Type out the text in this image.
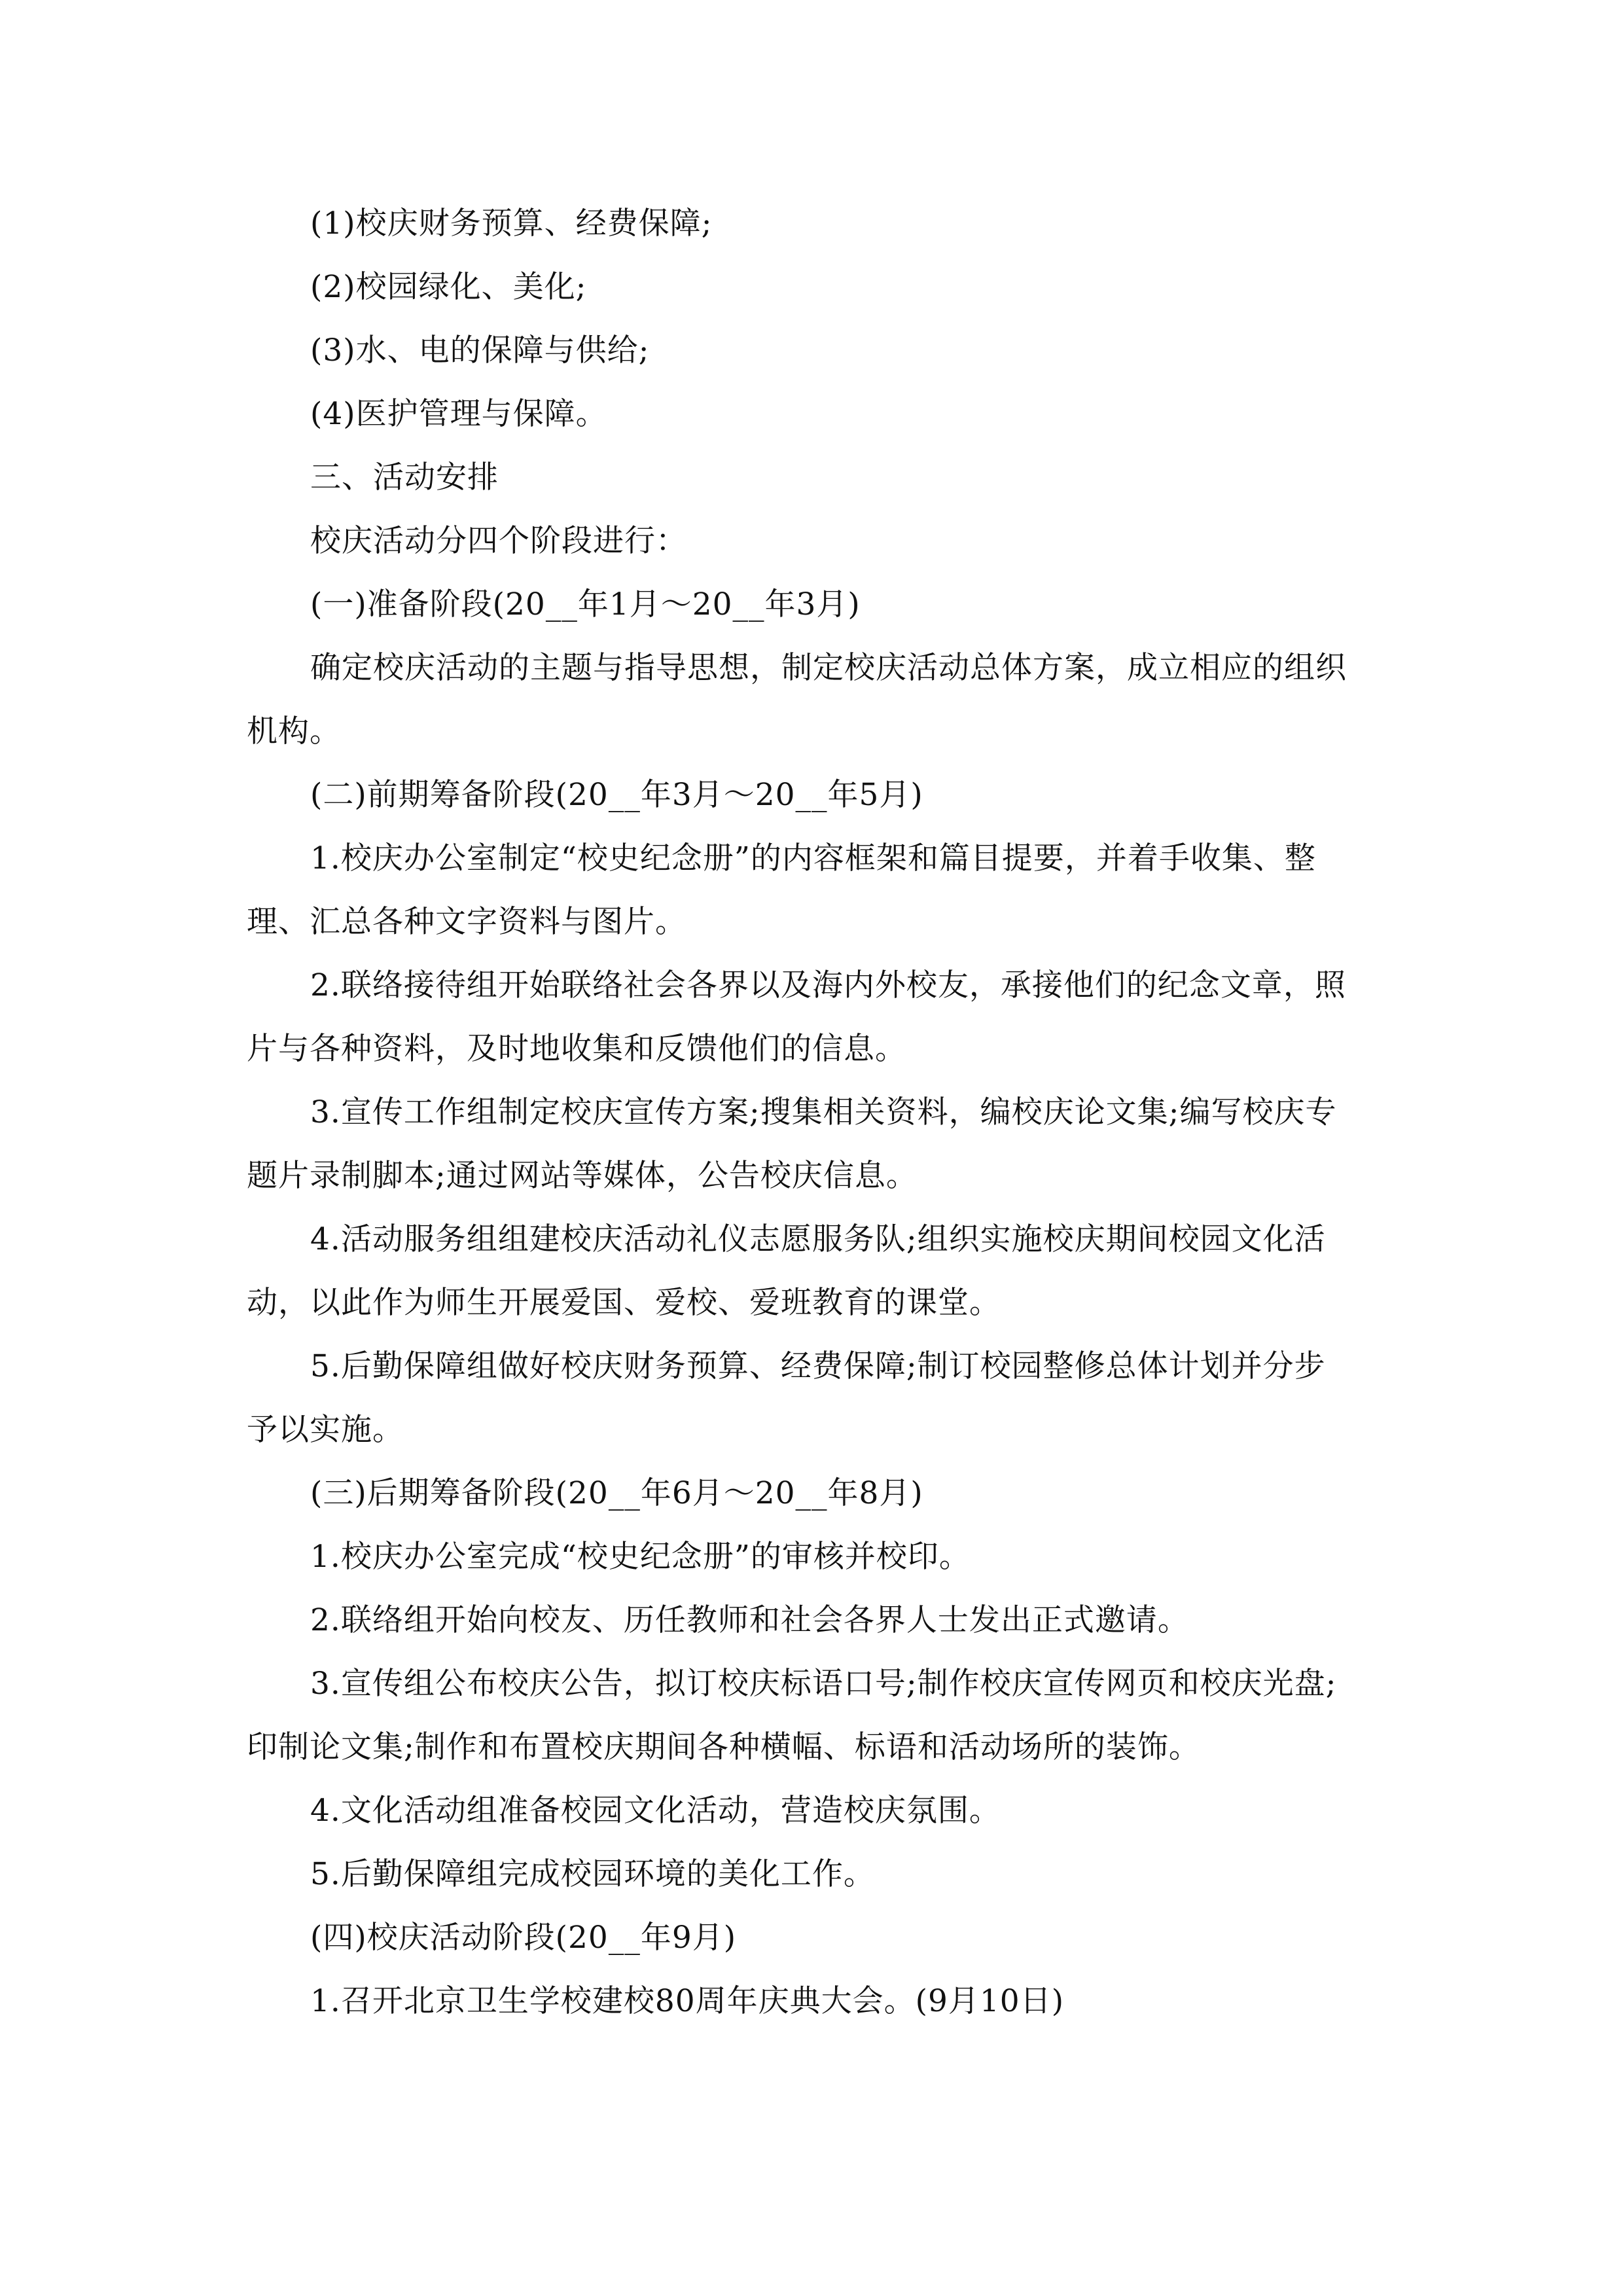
(1)校庆财务预算、经费保障;
(2)校园绿化、美化;
(3)水、电的保障与供给;
(4)医护管理与保障。
三、活动安排
校庆活动分四个阶段进行：
(一)准备阶段(20__年1月～20__年3月)
确定校庆活动的主题与指导思想，制定校庆活动总体方案，成立相应的组织
机构。
(二)前期筹备阶段(20__年3月～20__年5月)
1.校庆办公室制定“校史纪念册”的内容框架和篇目提要，并着手收集、整
理、汇总各种文字资料与图片。
2.联络接待组开始联络社会各界以及海内外校友，承接他们的纪念文章，照
片与各种资料，及时地收集和反馈他们的信息。
3.宣传工作组制定校庆宣传方案;搜集相关资料，编校庆论文集;编写校庆专
题片录制脚本;通过网站等媒体，公告校庆信息。
4.活动服务组组建校庆活动礼仪志愿服务队;组织实施校庆期间校园文化活
动，以此作为师生开展爱国、爱校、爱班教育的课堂。
5.后勤保障组做好校庆财务预算、经费保障;制订校园整修总体计划并分步
予以实施。
(三)后期筹备阶段(20__年6月～20__年8月)
1.校庆办公室完成“校史纪念册”的审核并校印。
2.联络组开始向校友、历任教师和社会各界人士发出正式邀请。
3.宣传组公布校庆公告，拟订校庆标语口号;制作校庆宣传网页和校庆光盘;
印制论文集;制作和布置校庆期间各种横幅、标语和活动场所的装饰。
4.文化活动组准备校园文化活动，营造校庆氛围。
5.后勤保障组完成校园环境的美化工作。
(四)校庆活动阶段(20__年9月)
1.召开北京卫生学校建校80周年庆典大会。(9月10日)
